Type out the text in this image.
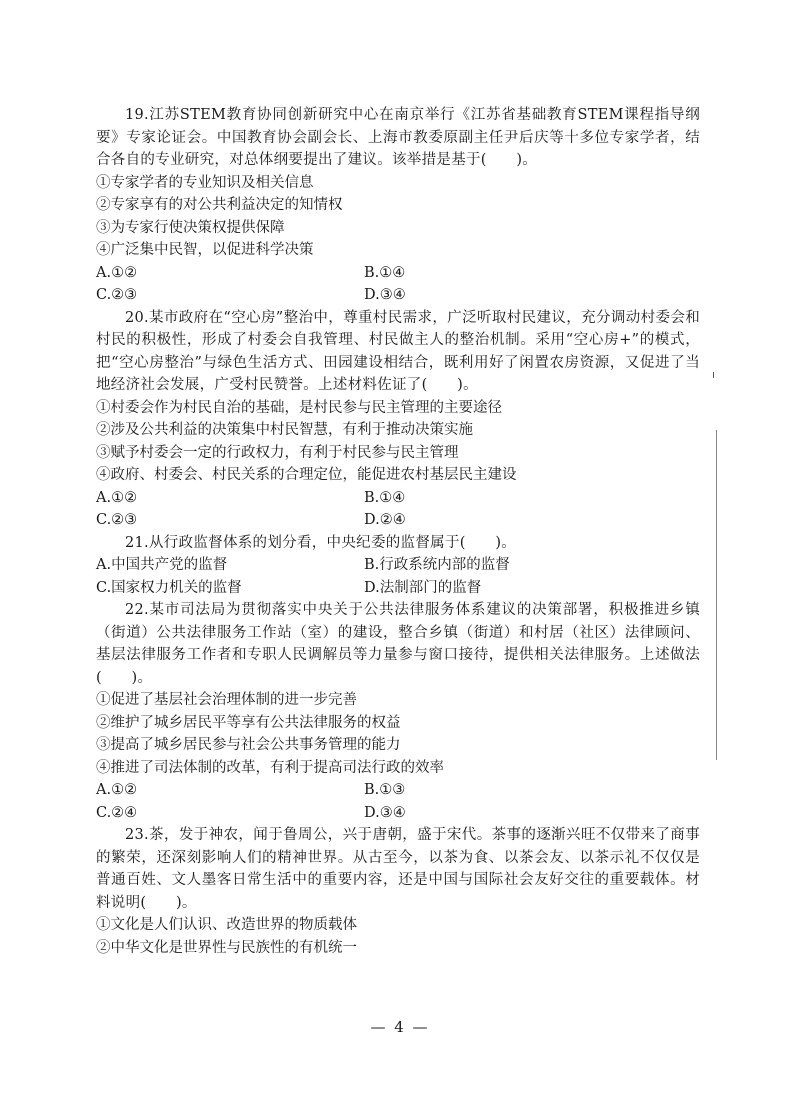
19.江苏STEM教育协同创新研究中心在南京举行《江苏省基础教育STEM课程指导纲要》专家论证会。中国教育协会副会长、上海市教委原副主任尹后庆等十多位专家学者，结合各自的专业研究，对总体纲要提出了建议。该举措是基于(　　)。

①专家学者的专业知识及相关信息

②专家享有的对公共利益决定的知情权

③为专家行使决策权提供保障

④广泛集中民智，以促进科学决策

A.①②	B.①④
C.②③	D.③④

20.某市政府在“空心房”整治中，尊重村民需求，广泛听取村民建议，充分调动村委会和村民的积极性，形成了村委会自我管理、村民做主人的整治机制。采用“空心房+”的模式，把“空心房整治”与绿色生活方式、田园建设相结合，既利用好了闲置农房资源，又促进了当地经济社会发展，广受村民赞誉。上述材料佐证了(　　)。

①村委会作为村民自治的基础，是村民参与民主管理的主要途径

②涉及公共利益的决策集中村民智慧，有利于推动决策实施

③赋予村委会一定的行政权力，有利于村民参与民主管理

④政府、村委会、村民关系的合理定位，能促进农村基层民主建设

A.①②	B.①④
C.②③	D.②④

21.从行政监督体系的划分看，中央纪委的监督属于(　　)。

A.中国共产党的监督	B.行政系统内部的监督
C.国家权力机关的监督	D.法制部门的监督

22.某市司法局为贯彻落实中央关于公共法律服务体系建议的决策部署，积极推进乡镇（街道）公共法律服务工作站（室）的建设，整合乡镇（街道）和村居（社区）法律顾问、基层法律服务工作者和专职人民调解员等力量参与窗口接待，提供相关法律服务。上述做法(　　)。

①促进了基层社会治理体制的进一步完善

②维护了城乡居民平等享有公共法律服务的权益

③提高了城乡居民参与社会公共事务管理的能力

④推进了司法体制的改革，有利于提高司法行政的效率

A.①②	B.①③
C.②④	D.③④

23.茶，发于神农，闻于鲁周公，兴于唐朝，盛于宋代。茶事的逐渐兴旺不仅带来了商事的繁荣，还深刻影响人们的精神世界。从古至今，以茶为食、以茶会友、以茶示礼不仅仅是普通百姓、文人墨客日常生活中的重要内容，还是中国与国际社会友好交往的重要载体。材料说明(　　)。

①文化是人们认识、改造世界的物质载体

②中华文化是世界性与民族性的有机统一

— 4 —
